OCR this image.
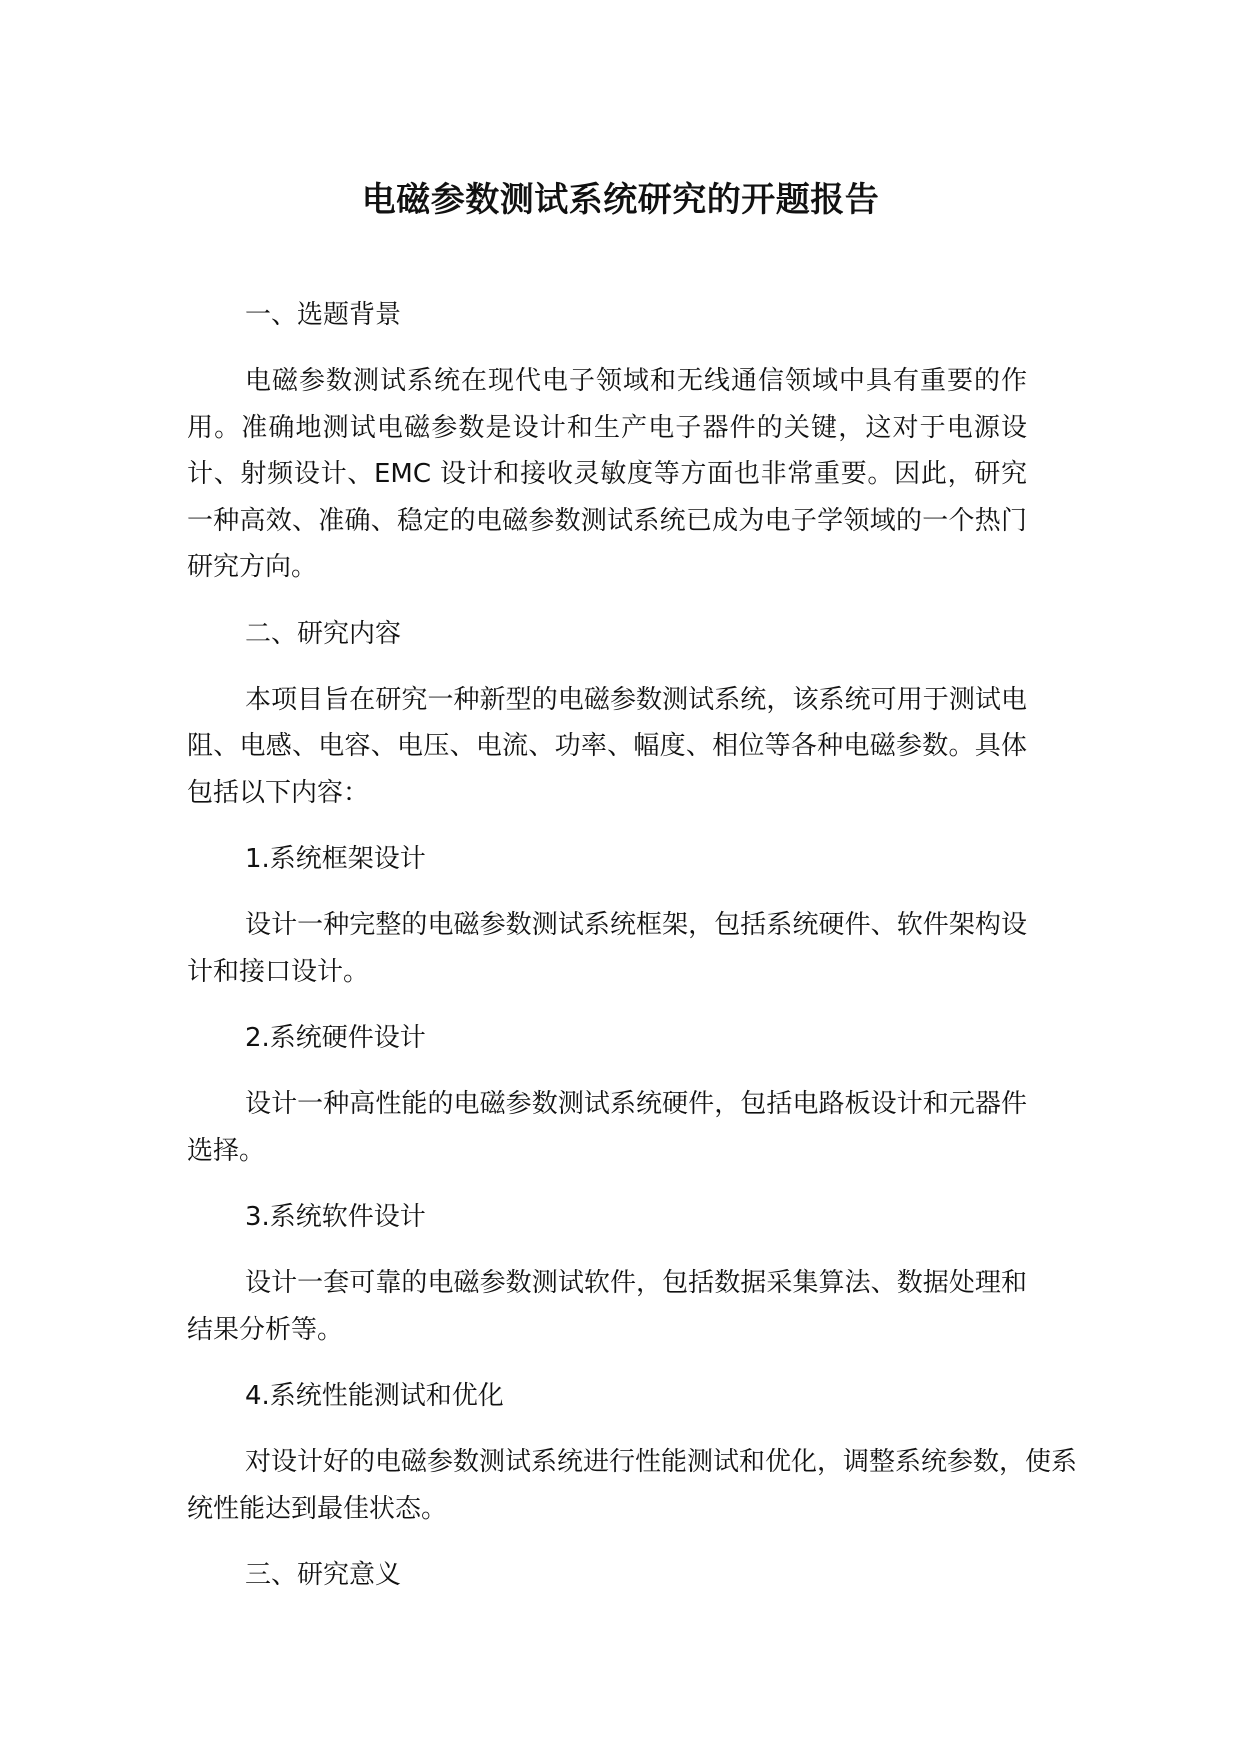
电磁参数测试系统研究的开题报告
一、选题背景
电磁参数测试系统在现代电子领域和无线通信领域中具有重要的作用。准确地测试电磁参数是设计和生产电子器件的关键，这对于电源设计、射频设计、EMC 设计和接收灵敏度等方面也非常重要。因此，研究一种高效、准确、稳定的电磁参数测试系统已成为电子学领域的一个热门研究方向。
二、研究内容
本项目旨在研究一种新型的电磁参数测试系统，该系统可用于测试电阻、电感、电容、电压、电流、功率、幅度、相位等各种电磁参数。具体包括以下内容：
1.系统框架设计
设计一种完整的电磁参数测试系统框架，包括系统硬件、软件架构设计和接口设计。
2.系统硬件设计
设计一种高性能的电磁参数测试系统硬件，包括电路板设计和元器件选择。
3.系统软件设计
设计一套可靠的电磁参数测试软件，包括数据采集算法、数据处理和结果分析等。
4.系统性能测试和优化
对设计好的电磁参数测试系统进行性能测试和优化，调整系统参数，使系统性能达到最佳状态。
三、研究意义
